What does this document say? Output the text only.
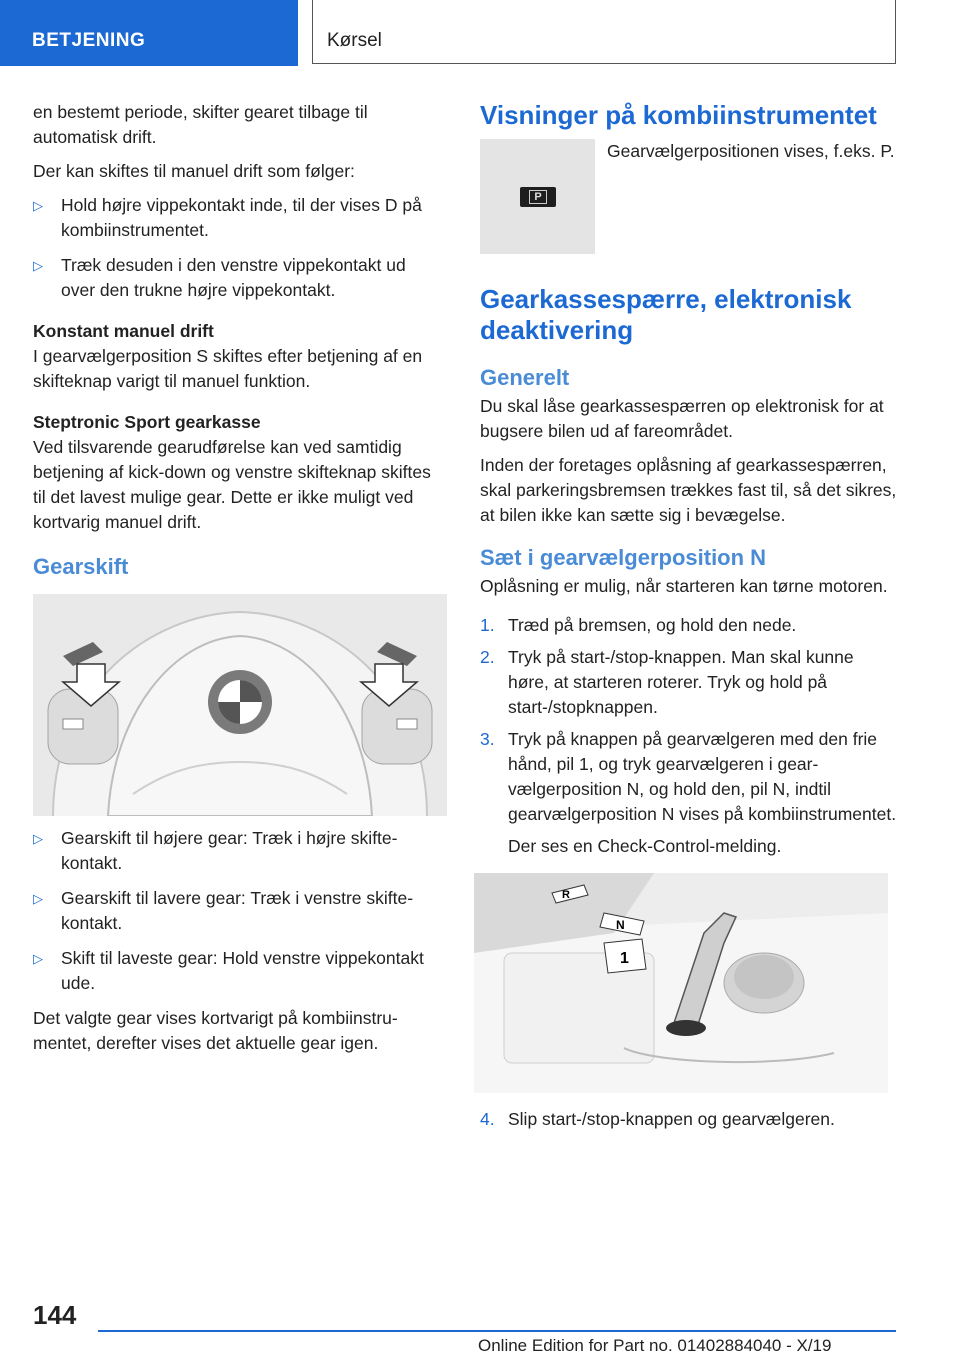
BETJENING	Kørsel

en bestemt periode, skifter gearet tilbage til automatisk drift.

Der kan skiftes til manuel drift som følger:

▷ Hold højre vippekontakt inde, til der vises D på kombiinstrumentet.
▷ Træk desuden i den venstre vippekontakt ud over den trukne højre vippekontakt.

Konstant manuel drift

I gearvælgerposition S skiftes efter betjening af en skifteknap varigt til manuel funktion.

Steptronic Sport gearkasse

Ved tilsvarende gearudførelse kan ved samtidig betjening af kick-down og venstre skifteknap skiftes til det lavest mulige gear. Dette er ikke muligt ved kortvarig manuel drift.

Gearskift
▷ Gearskift til højere gear: Træk i højre skiftekontakt.
▷ Gearskift til lavere gear: Træk i venstre skiftekontakt.
▷ Skift til laveste gear: Hold venstre vippekontakt ude.

Det valgte gear vises kortvarigt på kombiinstrumentet, derefter vises det aktuelle gear igen.

Visninger på kombiinstrumentet
P

Gearvælgerpositionen vises, f.eks. P.

Gearkassespærre, elektronisk deaktivering
Generelt

Du skal låse gearkassespærren op elektronisk for at bugsere bilen ud af fareområdet.

Inden der foretages oplåsning af gearkassespærren, skal parkeringsbremsen trækkes fast til, så det sikres, at bilen ikke kan sætte sig i bevægelse.

Sæt i gearvælgerposition N

Oplåsning er mulig, når starteren kan tørne motoren.

1. Træd på bremsen, og hold den nede.
2. Tryk på start-/stop-knappen. Man skal kunne høre, at starteren roterer. Tryk og hold på start-/stopknappen.
3. Tryk på knappen på gearvælgeren med den frie hånd, pil 1, og tryk gearvælgeren i gearvælgerposition N, og hold den, pil N, indtil gearvælgerposition N vises på kombiinstrumentet.

Der ses en Check-Control-melding.

R
N
1
4. Slip start-/stop-knappen og gearvælgeren.
144
Online Edition for Part no. 01402884040 - X/19
